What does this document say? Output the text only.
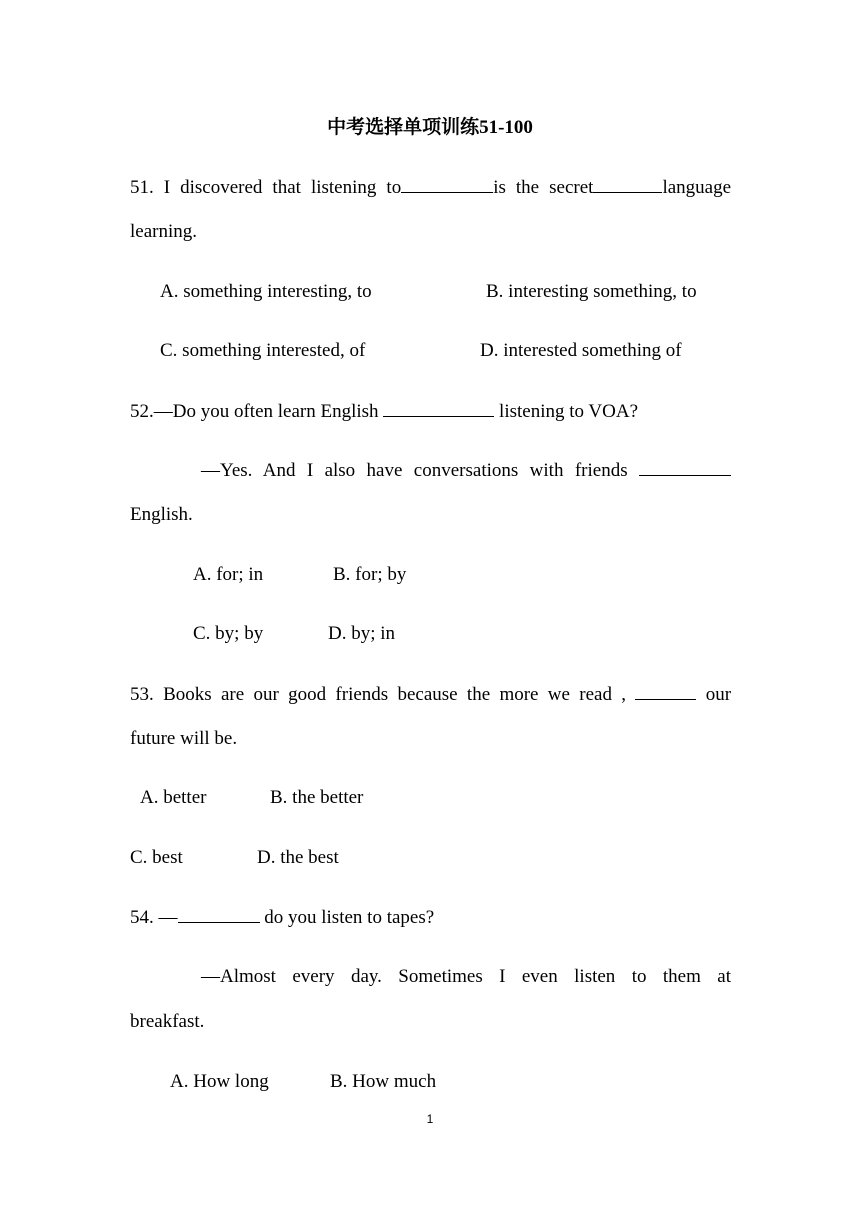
中考选择单项训练51-100
51. I discovered that listening to	is the secret	language
learning.
A. something interesting, to	B. interesting something, to
C. something interested, of	D. interested something of
52.—Do you often learn English	listening to VOA?
—Yes. And I also have conversations with friends
English.
A. for; in	B. for; by
C. by; by	D. by; in
53. Books are our good friends because the more we read ,	our
future will be.
A. better	B. the better
C. best	D. the best
54. —	do you listen to tapes?
—Almost every day. Sometimes I even listen to them at
breakfast.
A. How long	B. How much
1
